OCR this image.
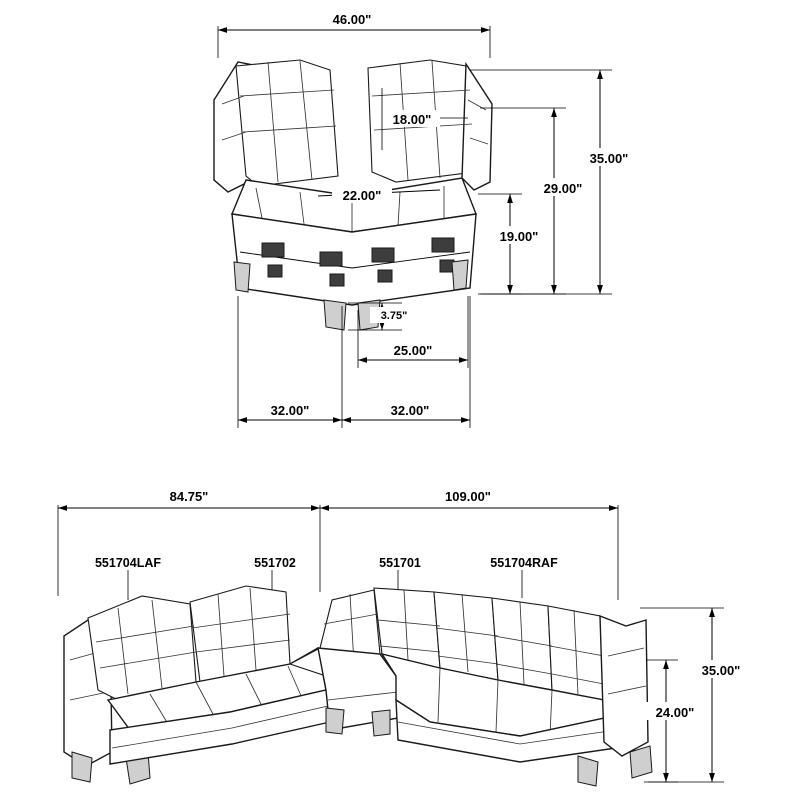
46.00"
18.00"
22.00"
35.00"
29.00"
19.00"
3.75"
25.00"
32.00"	32.00"
84.75"	109.00"
35.00"
24.00"
551704LAF	551702	551701	551704RAF
